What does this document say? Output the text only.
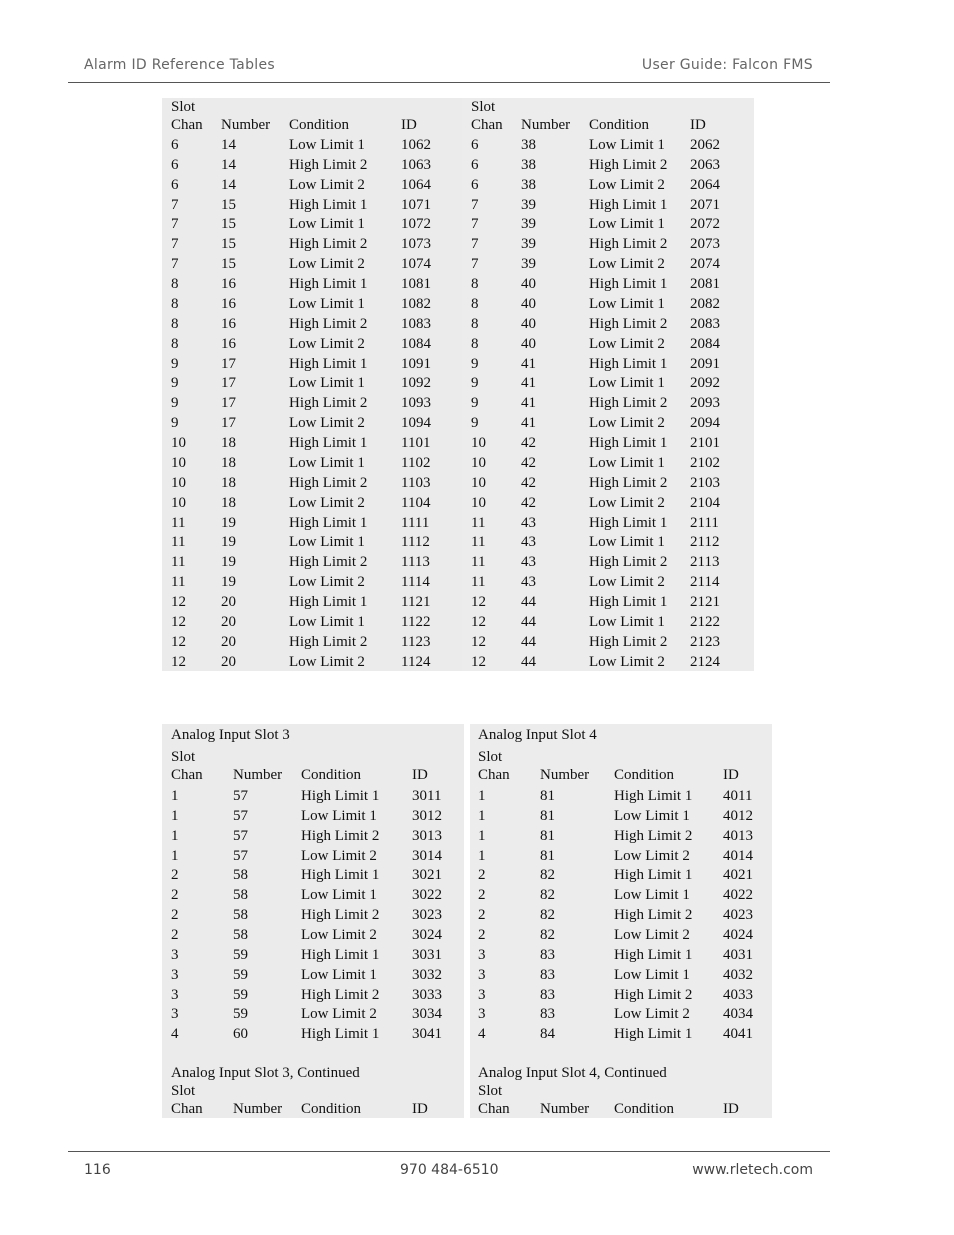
Alarm ID Reference Tables	User Guide: Falcon FMS
Slot
Chan Number Condition	ID
6	14	Low Limit 1 1062
6	14	High Limit 2 1063
6	14	Low Limit 2 1064
7	15	High Limit 1 1071
7	15	Low Limit 1 1072
7	15	High Limit 2 1073
7	15	Low Limit 2 1074
8	16	High Limit 1 1081
8	16	Low Limit 1 1082
8	16	High Limit 2 1083
8	16	Low Limit 2 1084
9	17	High Limit 1 1091
9	17	Low Limit 1 1092
9	17	High Limit 2 1093
9	17	Low Limit 2 1094
10 18	High Limit 1 1101
10 18	Low Limit 1 1102
10 18	High Limit 2 1103
10 18	Low Limit 2 1104
11 19	High Limit 1 1111
11 19	Low Limit 1 1112
11 19	High Limit 2 1113
11 19	Low Limit 2 1114
12 20	High Limit 1 1121
12 20	Low Limit 1 1122
12 20	High Limit 2 1123
12 20	Low Limit 2 1124
Slot
Chan Number Condition	ID
6	38	Low Limit 1 2062
6	38	High Limit 2 2063
6	38	Low Limit 2 2064
7	39	High Limit 1 2071
7	39	Low Limit 1 2072
7	39	High Limit 2 2073
7	39	Low Limit 2 2074
8	40	High Limit 1 2081
8	40	Low Limit 1 2082
8	40	High Limit 2 2083
8	40	Low Limit 2 2084
9	41	High Limit 1 2091
9	41	Low Limit 1 2092
9	41	High Limit 2 2093
9	41	Low Limit 2 2094
10 42	High Limit 1 2101
10 42	Low Limit 1 2102
10 42	High Limit 2 2103
10 42	Low Limit 2 2104
11 43	High Limit 1 2111
11 43	Low Limit 1 2112
11 43	High Limit 2 2113
11 43	Low Limit 2 2114
12 44	High Limit 1 2121
12 44	Low Limit 1 2122
12 44	High Limit 2 2123
12 44	Low Limit 2 2124
Analog Input Slot 3
Slot
Chan Number Condition	ID
1	57	High Limit 1 3011
1	57	Low Limit 1 3012
1	57	High Limit 2 3013
1	57	Low Limit 2 3014
2	58	High Limit 1 3021
2	58	Low Limit 1 3022
2	58	High Limit 2 3023
2	58	Low Limit 2 3024
3	59	High Limit 1 3031
3	59	Low Limit 1 3032
3	59	High Limit 2 3033
3	59	Low Limit 2 3034
4	60	High Limit 1 3041
Analog Input Slot 3, Continued
Slot
Chan Number Condition	ID
Analog Input Slot 4
Slot
Chan Number Condition	ID
1	81	High Limit 1 4011
1	81	Low Limit 1 4012
1	81	High Limit 2 4013
1	81	Low Limit 2 4014
2	82	High Limit 1 4021
2	82	Low Limit 1 4022
2	82	High Limit 2 4023
2	82	Low Limit 2 4024
3	83	High Limit 1 4031
3	83	Low Limit 1 4032
3	83	High Limit 2 4033
3	83	Low Limit 2 4034
4	84	High Limit 1 4041
Analog Input Slot 4, Continued
Slot
Chan Number Condition	ID
116	970 484-6510	www.rletech.com
